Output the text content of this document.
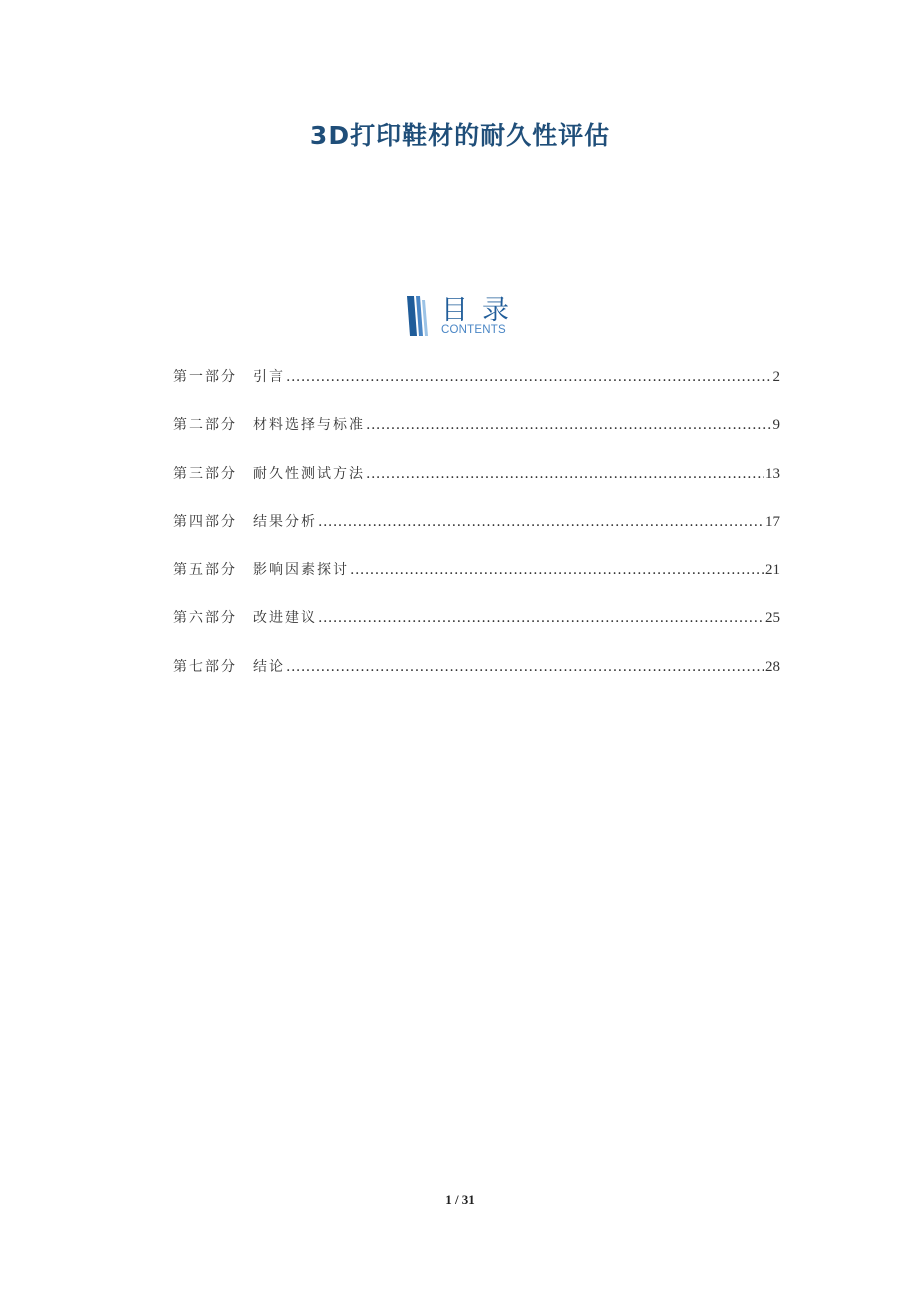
3D打印鞋材的耐久性评估
目录
CONTENTS
第一部分	引言 .....	2
第二部分	材料选择与标准 .....	9
第三部分	耐久性测试方法 .....	13
第四部分	结果分析 .....	17
第五部分	影响因素探讨 .....	21
第六部分	改进建议 .....	25
第七部分	结论 .....	28
1 / 31
